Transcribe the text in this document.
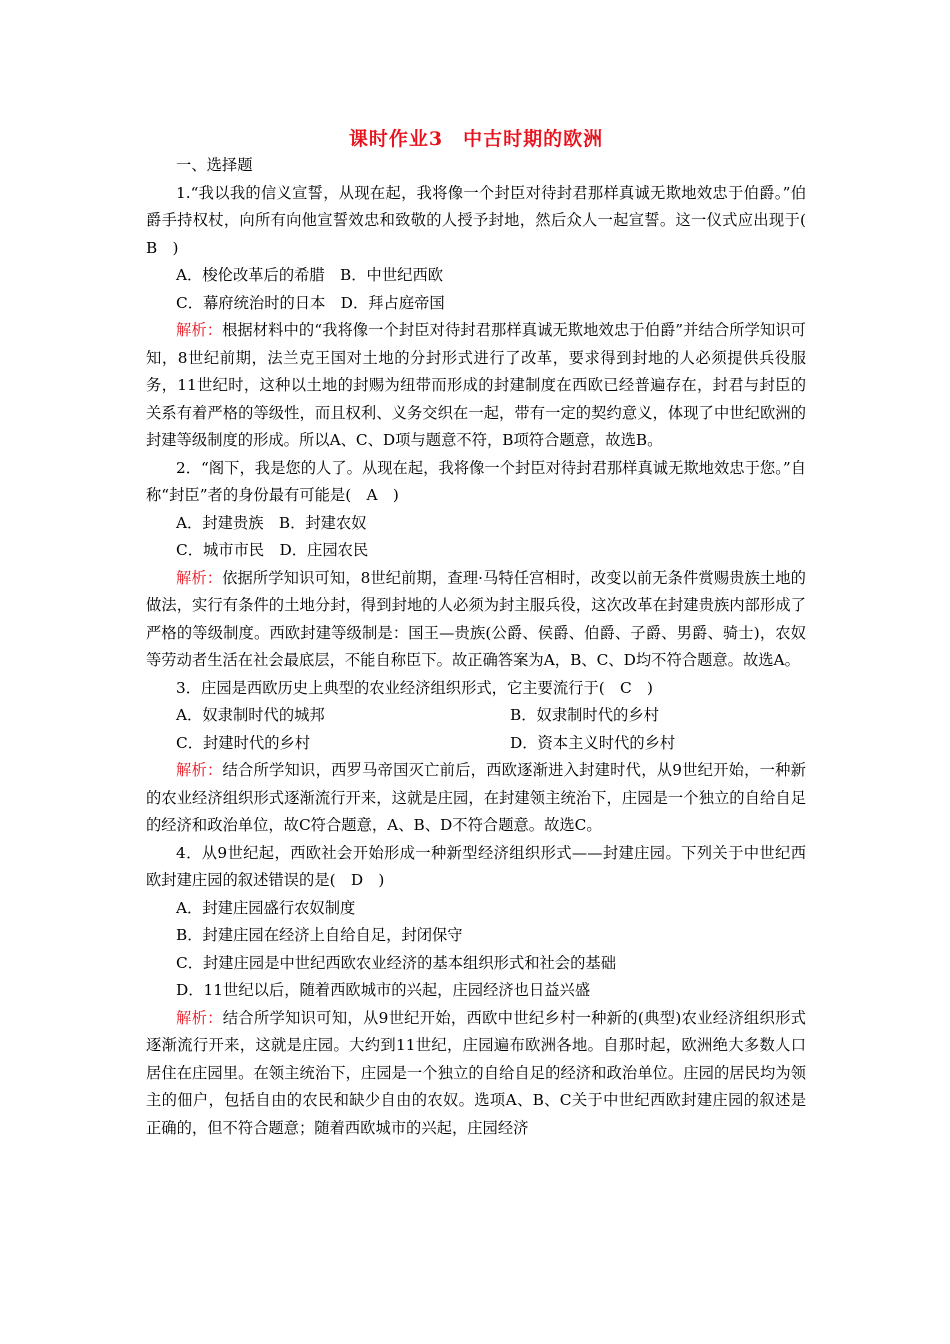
课时作业3　中古时期的欧洲

一、选择题

1.“我以我的信义宣誓，从现在起，我将像一个封臣对待封君那样真诚无欺地效忠于伯爵。”伯爵手持权杖，向所有向他宣誓效忠和致敬的人授予封地，然后众人一起宣誓。这一仪式应出现于(　B　)

A．梭伦改革后的希腊　B．中世纪西欧

C．幕府统治时的日本　D．拜占庭帝国

解析：根据材料中的“我将像一个封臣对待封君那样真诚无欺地效忠于伯爵”并结合所学知识可知，8世纪前期，法兰克王国对土地的分封形式进行了改革，要求得到封地的人必须提供兵役服务，11世纪时，这种以土地的封赐为纽带而形成的封建制度在西欧已经普遍存在，封君与封臣的关系有着严格的等级性，而且权利、义务交织在一起，带有一定的契约意义，体现了中世纪欧洲的封建等级制度的形成。所以A、C、D项与题意不符，B项符合题意，故选B。

2．“阁下，我是您的人了。从现在起，我将像一个封臣对待封君那样真诚无欺地效忠于您。”自称“封臣”者的身份最有可能是(　A　)

A．封建贵族　B．封建农奴

C．城市市民　D．庄园农民

解析：依据所学知识可知，8世纪前期，查理·马特任宫相时，改变以前无条件赏赐贵族土地的做法，实行有条件的土地分封，得到封地的人必须为封主服兵役，这次改革在封建贵族内部形成了严格的等级制度。西欧封建等级制是：国王—贵族(公爵、侯爵、伯爵、子爵、男爵、骑士)，农奴等劳动者生活在社会最底层，不能自称臣下。故正确答案为A，B、C、D均不符合题意。故选A。

3．庄园是西欧历史上典型的农业经济组织形式，它主要流行于(　C　)

A．奴隶制时代的城邦	B．奴隶制时代的乡村
C．封建时代的乡村	D．资本主义时代的乡村

解析：结合所学知识，西罗马帝国灭亡前后，西欧逐渐进入封建时代，从9世纪开始，一种新的农业经济组织形式逐渐流行开来，这就是庄园，在封建领主统治下，庄园是一个独立的自给自足的经济和政治单位，故C符合题意，A、B、D不符合题意。故选C。

4．从9世纪起，西欧社会开始形成一种新型经济组织形式——封建庄园。下列关于中世纪西欧封建庄园的叙述错误的是(　D　)

A．封建庄园盛行农奴制度

B．封建庄园在经济上自给自足，封闭保守

C．封建庄园是中世纪西欧农业经济的基本组织形式和社会的基础

D．11世纪以后，随着西欧城市的兴起，庄园经济也日益兴盛

解析：结合所学知识可知，从9世纪开始，西欧中世纪乡村一种新的(典型)农业经济组织形式逐渐流行开来，这就是庄园。大约到11世纪，庄园遍布欧洲各地。自那时起，欧洲绝大多数人口居住在庄园里。在领主统治下，庄园是一个独立的自给自足的经济和政治单位。庄园的居民均为领主的佃户，包括自由的农民和缺少自由的农奴。选项A、B、C关于中世纪西欧封建庄园的叙述是正确的，但不符合题意；随着西欧城市的兴起，庄园经济
